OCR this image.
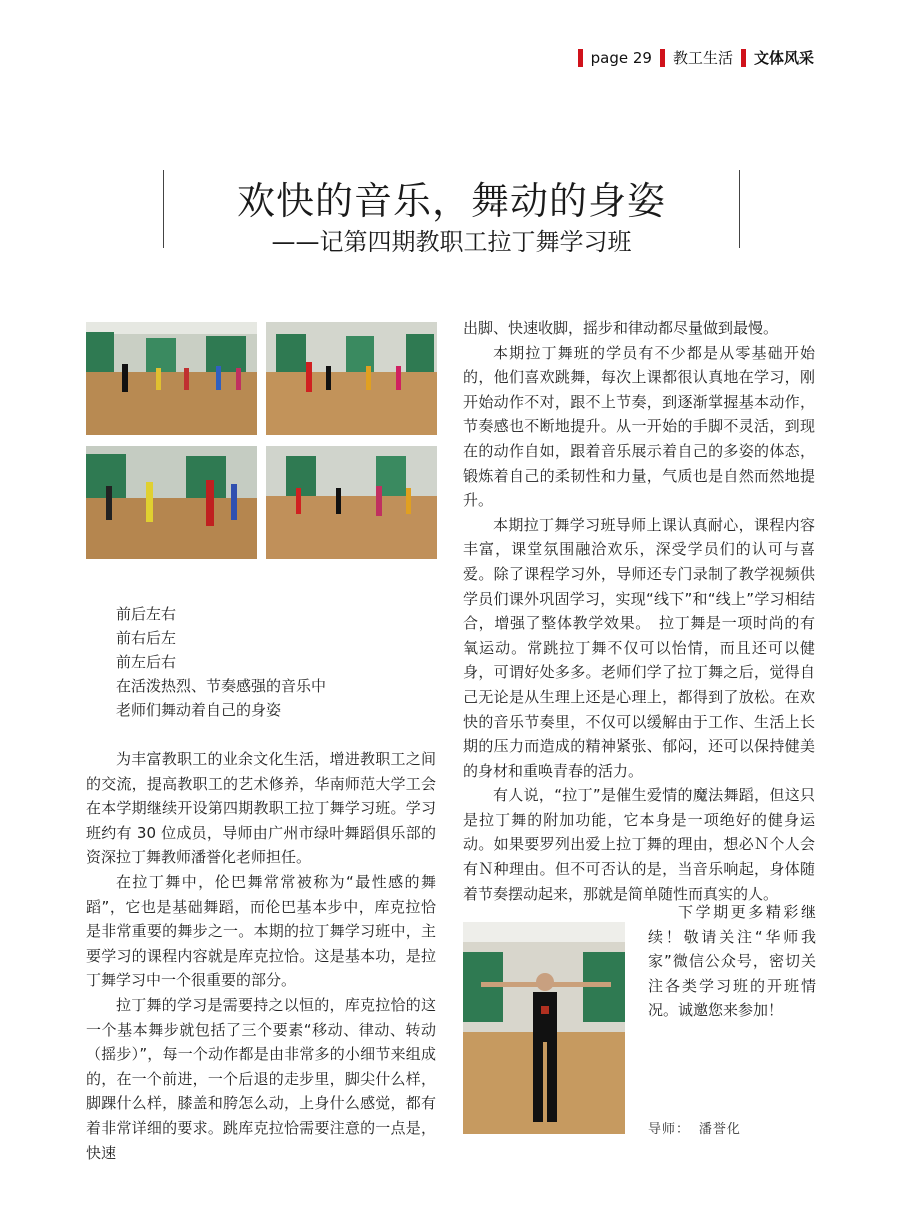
page 29 教工生活 文体风采
欢快的音乐，舞动的身姿
——记第四期教职工拉丁舞学习班
前后左右
前右后左
前左后右
在活泼热烈、节奏感强的音乐中
老师们舞动着自己的身姿

为丰富教职工的业余文化生活，增进教职工之间的交流，提高教职工的艺术修养，华南师范大学工会在本学期继续开设第四期教职工拉丁舞学习班。学习班约有 30 位成员，导师由广州市绿叶舞蹈俱乐部的资深拉丁舞教师潘誉化老师担任。

在拉丁舞中，伦巴舞常常被称为“最性感的舞蹈”，它也是基础舞蹈，而伦巴基本步中，库克拉恰是非常重要的舞步之一。本期的拉丁舞学习班中，主要学习的课程内容就是库克拉恰。这是基本功，是拉丁舞学习中一个很重要的部分。

拉丁舞的学习是需要持之以恒的，库克拉恰的这一个基本舞步就包括了三个要素“移动、律动、转动（摇步）”，每一个动作都是由非常多的小细节来组成的，在一个前进，一个后退的走步里，脚尖什么样，脚踝什么样，膝盖和胯怎么动，上身什么感觉，都有着非常详细的要求。跳库克拉恰需要注意的一点是，快速

出脚、快速收脚，摇步和律动都尽量做到最慢。

本期拉丁舞班的学员有不少都是从零基础开始的，他们喜欢跳舞，每次上课都很认真地在学习，刚开始动作不对，跟不上节奏，到逐渐掌握基本动作，节奏感也不断地提升。从一开始的手脚不灵活，到现在的动作自如，跟着音乐展示着自己的多姿的体态，锻炼着自己的柔韧性和力量，气质也是自然而然地提升。

本期拉丁舞学习班导师上课认真耐心，课程内容丰富，课堂氛围融洽欢乐，深受学员们的认可与喜爱。除了课程学习外，导师还专门录制了教学视频供学员们课外巩固学习，实现“线下”和“线上”学习相结合，增强了整体教学效果。　拉丁舞是一项时尚的有氧运动。常跳拉丁舞不仅可以怡情，而且还可以健身，可谓好处多多。老师们学了拉丁舞之后，觉得自己无论是从生理上还是心理上，都得到了放松。在欢快的音乐节奏里，不仅可以缓解由于工作、生活上长期的压力而造成的精神紧张、郁闷，还可以保持健美的身材和重唤青春的活力。

有人说，“拉丁”是催生爱情的魔法舞蹈，但这只是拉丁舞的附加功能，它本身是一项绝好的健身运动。如果要罗列出爱上拉丁舞的理由，想必Ｎ个人会有Ｎ种理由。但不可否认的是，当音乐响起，身体随着节奏摆动起来，那就是简单随性而真实的人。

下学期更多精彩继续！敬请关注“华师我家”微信公众号，密切关注各类学习班的开班情况。诚邀您来参加！

导师： 潘誉化
